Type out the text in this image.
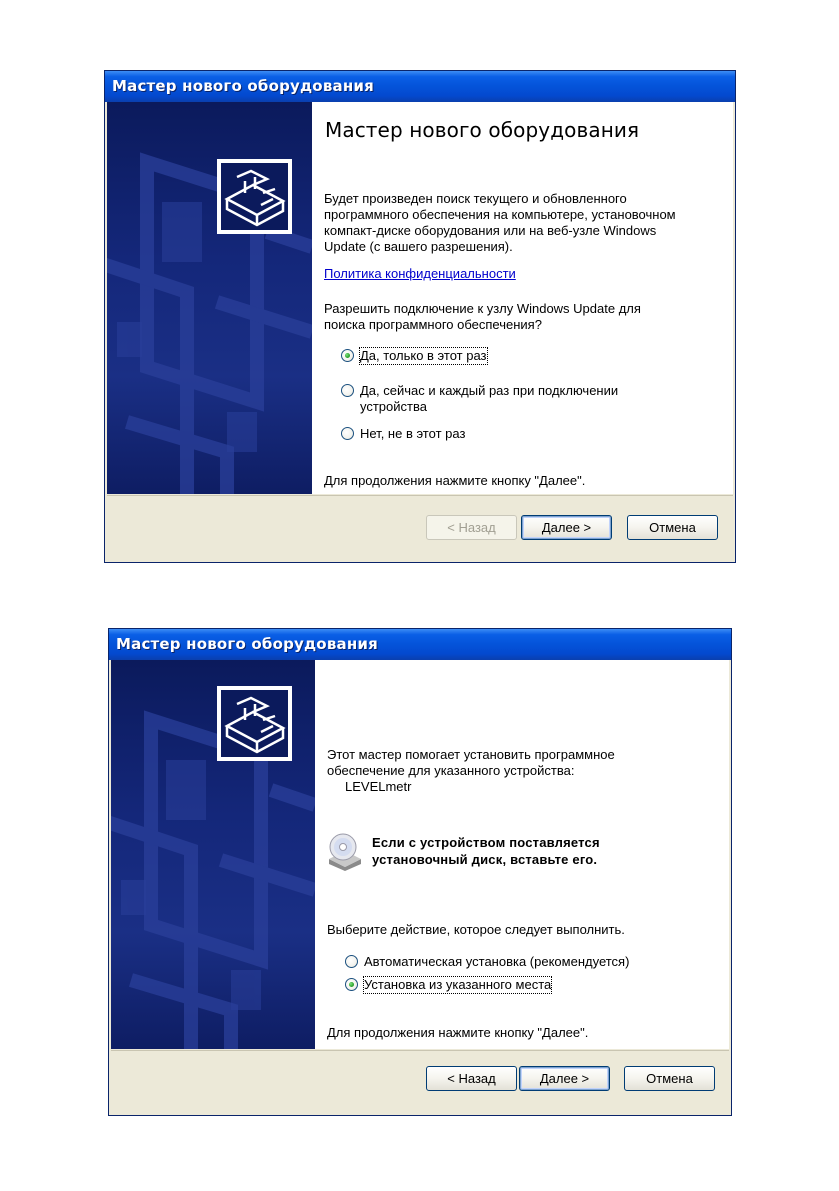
Мастер нового оборудования
Мастер нового оборудования
Будет произведен поиск текущего и обновленного
программного обеспечения на компьютере, установочном
компакт-диске оборудования или на веб-узле Windows
Update (с вашего разрешения).
Политика конфиденциальности
Разрешить подключение к узлу Windows Update для
поиска программного обеспечения?
Да, только в этот раз
Да, сейчас и каждый раз при подключении
устройства
Нет, не в этот раз
Для продолжения нажмите кнопку "Далее".
< Назад	Далее >	Отмена
Мастер нового оборудования
Этот мастер помогает установить программное
обеспечение для указанного устройства:
LEVELmetr
Если с устройством поставляется
установочный диск, вставьте его.
Выберите действие, которое следует выполнить.
Автоматическая установка (рекомендуется)
Установка из указанного места
Для продолжения нажмите кнопку "Далее".
< Назад	Далее >	Отмена
